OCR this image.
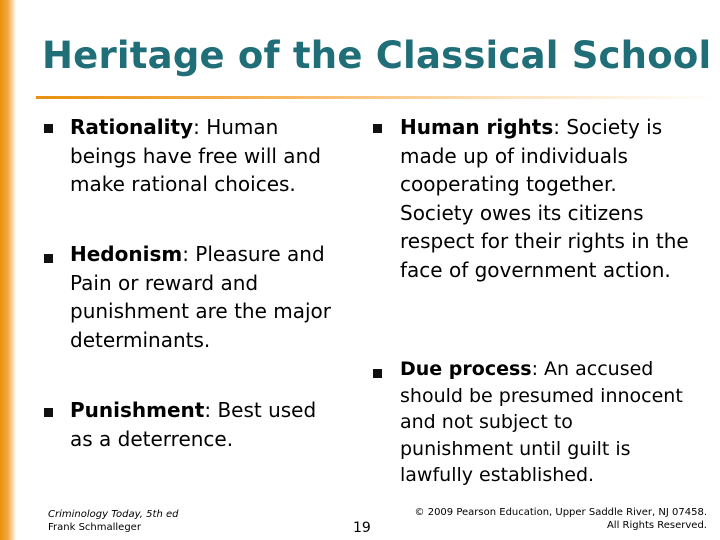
Heritage of the Classical School
Rationality: Human beings have free will and make rational choices.
Hedonism: Pleasure and Pain or reward and punishment are the major determinants.
Punishment: Best used as a deterrence.
Human rights: Society is made up of individuals cooperating together. Society owes its citizens respect for their rights in the face of government action.
Due process: An accused should be presumed innocent and not subject to punishment until guilt is lawfully established.
Criminology Today, 5th ed
Frank Schmalleger	19
© 2009 Pearson Education, Upper Saddle River, NJ 07458.
All Rights Reserved.
